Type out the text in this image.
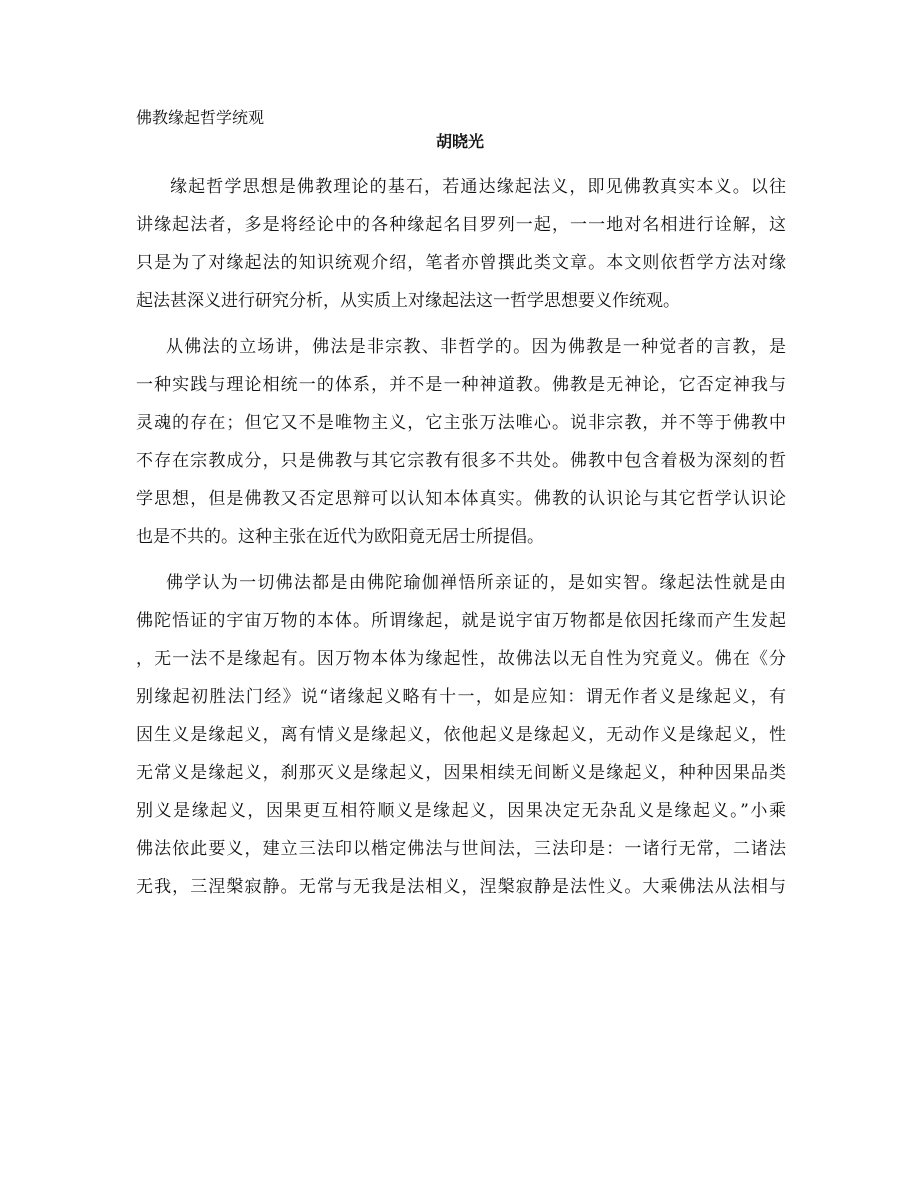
佛教缘起哲学统观
胡晓光
缘起哲学思想是佛教理论的基石，若通达缘起法义，即见佛教真实本义。以往
讲缘起法者，多是将经论中的各种缘起名目罗列一起，一一地对名相进行诠解，这
只是为了对缘起法的知识统观介绍，笔者亦曾撰此类文章。本文则依哲学方法对缘
起法甚深义进行研究分析，从实质上对缘起法这一哲学思想要义作统观。
从佛法的立场讲，佛法是非宗教、非哲学的。因为佛教是一种觉者的言教，是
一种实践与理论相统一的体系，并不是一种神道教。佛教是无神论，它否定神我与
灵魂的存在；但它又不是唯物主义，它主张万法唯心。说非宗教，并不等于佛教中
不存在宗教成分，只是佛教与其它宗教有很多不共处。佛教中包含着极为深刻的哲
学思想，但是佛教又否定思辩可以认知本体真实。佛教的认识论与其它哲学认识论
也是不共的。这种主张在近代为欧阳竟无居士所提倡。
佛学认为一切佛法都是由佛陀瑜伽禅悟所亲证的，是如实智。缘起法性就是由
佛陀悟证的宇宙万物的本体。所谓缘起，就是说宇宙万物都是依因托缘而产生发起
，无一法不是缘起有。因万物本体为缘起性，故佛法以无自性为究竟义。佛在《分
别缘起初胜法门经》说“诸缘起义略有十一，如是应知：谓无作者义是缘起义，有
因生义是缘起义，离有情义是缘起义，依他起义是缘起义，无动作义是缘起义，性
无常义是缘起义，刹那灭义是缘起义，因果相续无间断义是缘起义，种种因果品类
别义是缘起义，因果更互相符顺义是缘起义，因果决定无杂乱义是缘起义。”小乘
佛法依此要义，建立三法印以楷定佛法与世间法，三法印是：一诸行无常，二诸法
无我，三涅槃寂静。无常与无我是法相义，涅槃寂静是法性义。大乘佛法从法相与
